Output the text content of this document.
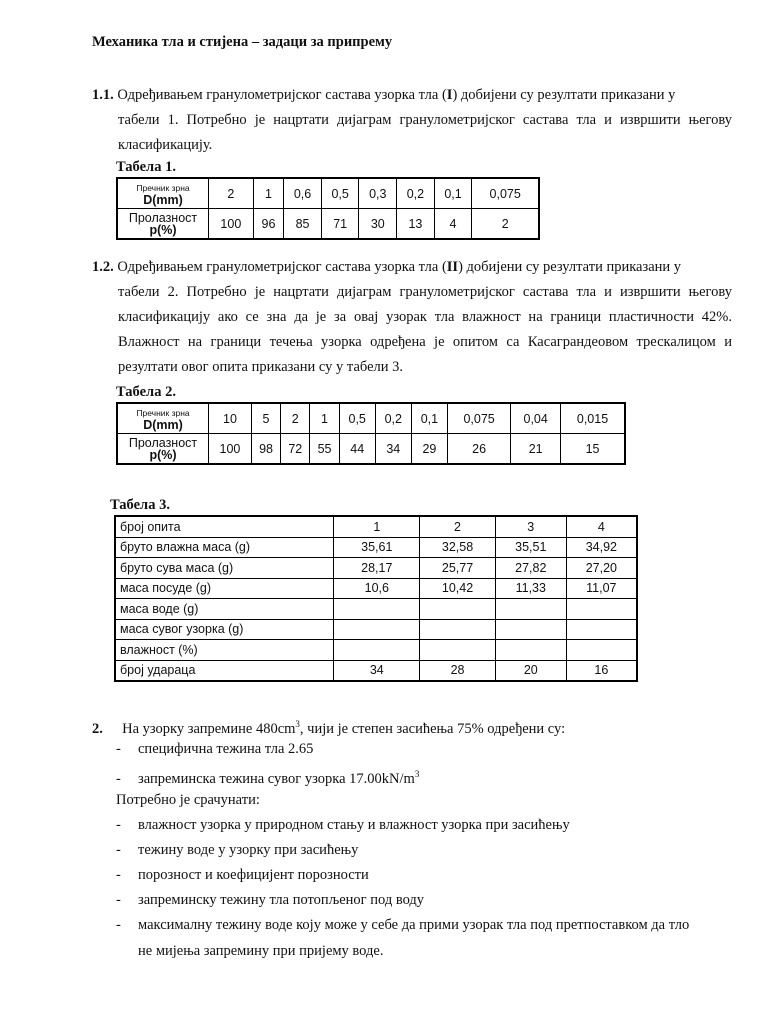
Механика тла и стијена – задаци за припрему
1.1. Одређивањем гранулометријског састава узорка тла (I) добијени су резултати приказани у
табели 1. Потребно је нацртати дијаграм гранулометријског састава тла и извршити његову класификацију.
Табела 1.
Пречник зрна
D(mm)	2	1	0,6	0,5	0,3	0,2	0,1	0,075

Пролазност
p(%)	100	96	85	71	30	13	4	2
1.2. Одређивањем гранулометријског састава узорка тла (II) добијени су резултати приказани у
табели 2. Потребно је нацртати дијаграм гранулометријског састава тла и извршити његову класификацију ако се зна да је за овај узорак тла влажност на граници пластичности 42%. Влажност на граници течења узорка одређена је опитом са Касаграндеовом трескалицом и резултати овог опита приказани су у табели 3.
Табела 2.
Пречник зрна
D(mm)	10	5	2	1	0,5	0,2	0,1	0,075	0,04	0,015

Пролазност
p(%)	100	98	72	55	44	34	29	26	21	15
Табела 3.
број опита	1	2	3	4
бруто влажна маса (g)	35,61	32,58	35,51	34,92
бруто сува маса (g)	28,17	25,77	27,82	27,20
маса посуде (g)	10,6	10,42	11,33	11,07
маса воде (g)				
маса сувог узорка (g)				
влажност (%)				
број удараца	34	28	20	16
2. На узорку запремине $480cm^3$, чији је степен засићења 75% одређени су:
- специфична тежина тла 2.65
- запреминска тежина сувог узорка $17.00kN/m^3$
Потребно је срачунати:
- влажност узорка у природном стању и влажност узорка при засићењу
- тежину воде у узорку при засићењу
- порозност и коефицијент порозности
- запреминску тежину тла потопљеног под воду
- максималну тежину воде коју може у себе да прими узорак тла под претпоставком да тло
не мијења запремину при пријему воде.
